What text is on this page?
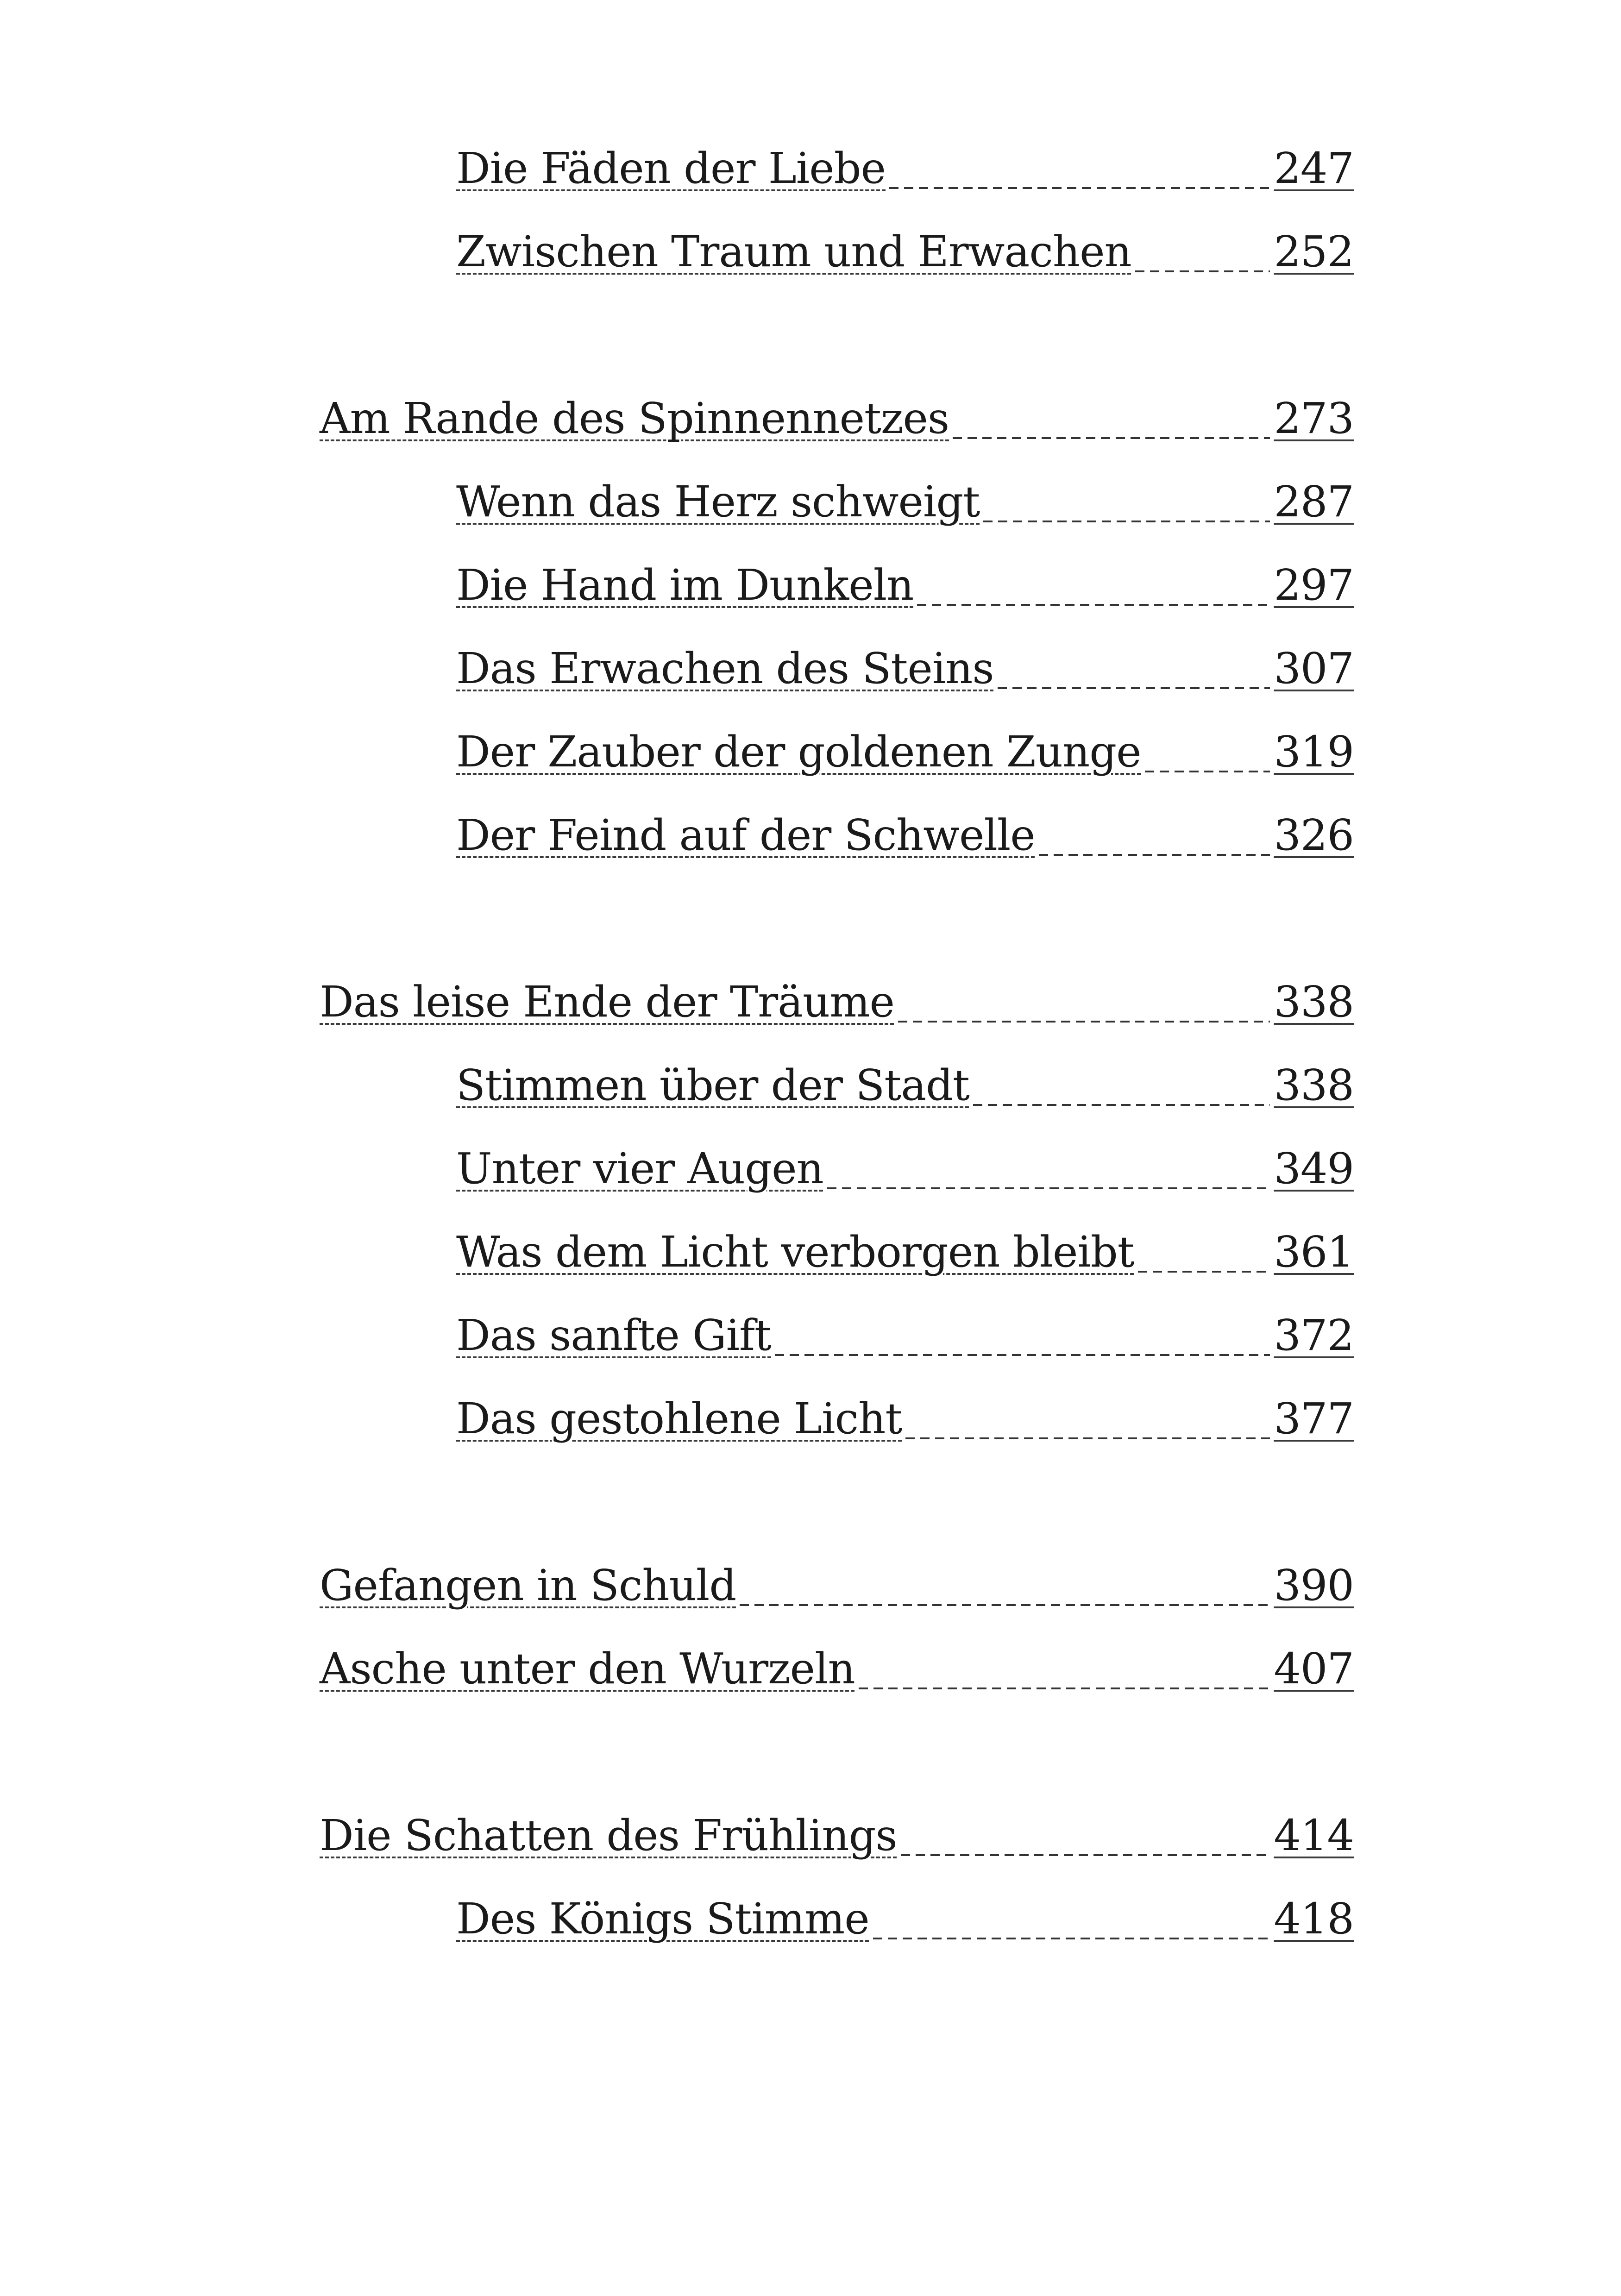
Die Fäden der Liebe	247
Zwischen Traum und Erwachen	252
Am Rande des Spinnennetzes	273
Wenn das Herz schweigt	287
Die Hand im Dunkeln	297
Das Erwachen des Steins	307
Der Zauber der goldenen Zunge	319
Der Feind auf der Schwelle	326
Das leise Ende der Träume	338
Stimmen über der Stadt	338
Unter vier Augen	349
Was dem Licht verborgen bleibt	361
Das sanfte Gift	372
Das gestohlene Licht	377
Gefangen in Schuld	390
Asche unter den Wurzeln	407
Die Schatten des Frühlings	414
Des Königs Stimme	418
